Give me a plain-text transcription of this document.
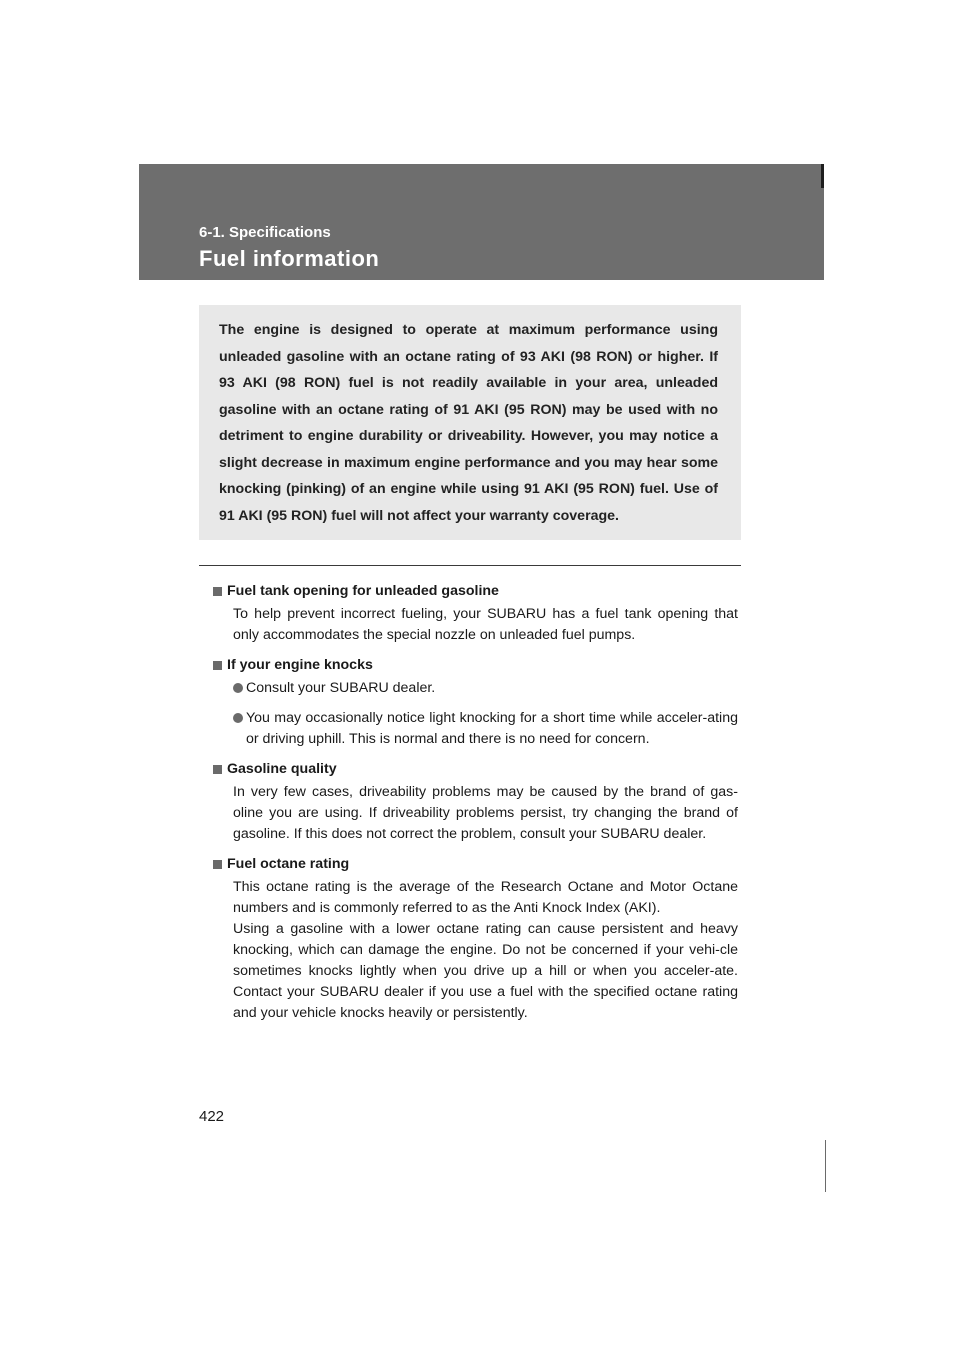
6-1. Specifications
Fuel information

The engine is designed to operate at maximum performance using unleaded gasoline with an octane rating of 93 AKI (98 RON) or higher. If 93 AKI (98 RON) fuel is not readily available in your area, unleaded gasoline with an octane rating of 91 AKI (95 RON) may be used with no detriment to engine durability or driveability. However, you may notice a slight decrease in maximum engine performance and you may hear some knocking (pinking) of an engine while using 91 AKI (95 RON) fuel. Use of 91 AKI (95 RON) fuel will not affect your warranty coverage.

Fuel tank opening for unleaded gasoline

To help prevent incorrect fueling, your SUBARU has a fuel tank opening that only accommodates the special nozzle on unleaded fuel pumps.

If your engine knocks
Consult your SUBARU dealer.
You may occasionally notice light knocking for a short time while acceler-ating or driving uphill. This is normal and there is no need for concern.
Gasoline quality

In very few cases, driveability problems may be caused by the brand of gas-oline you are using. If driveability problems persist, try changing the brand of gasoline. If this does not correct the problem, consult your SUBARU dealer.

Fuel octane rating

This octane rating is the average of the Research Octane and Motor Octane numbers and is commonly referred to as the Anti Knock Index (AKI).

Using a gasoline with a lower octane rating can cause persistent and heavy knocking, which can damage the engine. Do not be concerned if your vehi-cle sometimes knocks lightly when you drive up a hill or when you acceler-ate. Contact your SUBARU dealer if you use a fuel with the specified octane rating and your vehicle knocks heavily or persistently.

422
